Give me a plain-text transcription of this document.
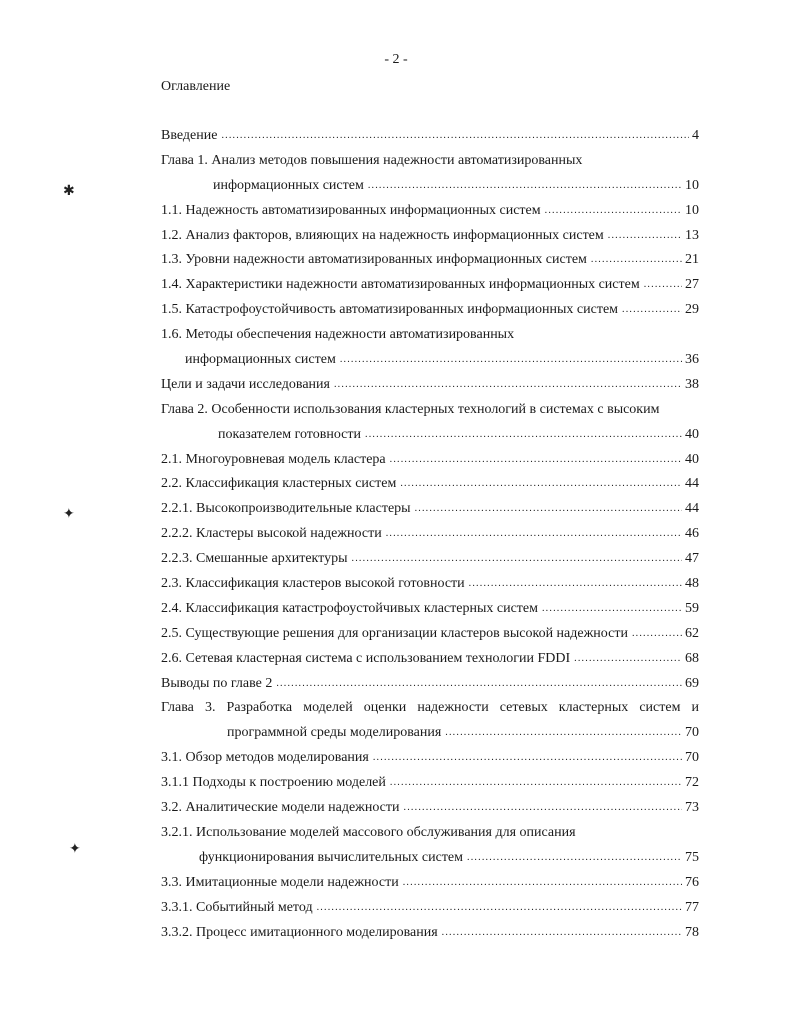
- 2 -
Оглавление
Введение .....	4
Глава 1. Анализ методов повышения надежности автоматизированных
информационных систем .....	10
1.1. Надежность автоматизированных информационных систем .....	10
1.2. Анализ факторов, влияющих на надежность информационных систем .....	13
1.3. Уровни надежности автоматизированных информационных систем .....	21
1.4. Характеристики надежности автоматизированных информационных систем .....	27
1.5. Катастрофоустойчивость автоматизированных информационных систем .....	29
1.6. Методы обеспечения надежности автоматизированных
информационных систем .....	36
Цели и задачи исследования .....	38
Глава 2. Особенности использования кластерных технологий в системах с высоким
показателем готовности .....	40
2.1. Многоуровневая модель кластера .....	40
2.2. Классификация кластерных систем .....	44
2.2.1. Высокопроизводительные кластеры .....	44
2.2.2. Кластеры высокой надежности .....	46
2.2.3. Смешанные архитектуры .....	47
2.3. Классификация кластеров высокой готовности .....	48
2.4. Классификация катастрофоустойчивых кластерных систем .....	59
2.5. Существующие решения для организации кластеров высокой надежности .....	62
2.6. Сетевая кластерная система с использованием технологии FDDI .....	68
Выводы по главе 2 .....	69
Глава 3. Разработка моделей оценки надежности сетевых кластерных систем и
программной среды моделирования .....	70
3.1. Обзор методов моделирования .....	70
3.1.1 Подходы к построению моделей .....	72
3.2. Аналитические модели надежности .....	73
3.2.1. Использование моделей массового обслуживания для описания
функционирования вычислительных систем .....	75
3.3. Имитационные модели надежности .....	76
3.3.1. Событийный метод .....	77
3.3.2. Процесс имитационного моделирования .....	78
✱
✦
✦
